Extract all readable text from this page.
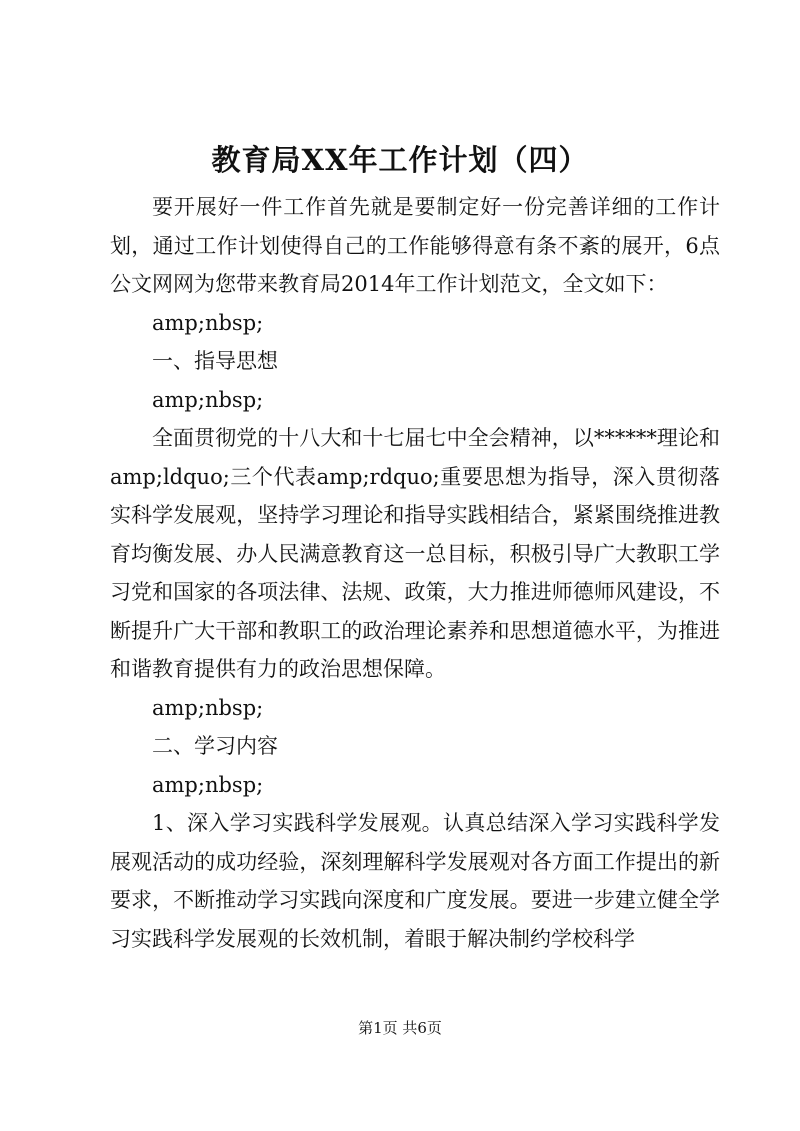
教育局XX年工作计划（四）

要开展好一件工作首先就是要制定好一份完善详细的工作计划，通过工作计划使得自己的工作能够得意有条不紊的展开，6点公文网网为您带来教育局2014年工作计划范文，全文如下：

amp;nbsp;

一、指导思想

amp;nbsp;

全面贯彻党的十八大和十七届七中全会精神，以******理论和amp;ldquo;三个代表amp;rdquo;重要思想为指导，深入贯彻落实科学发展观，坚持学习理论和指导实践相结合，紧紧围绕推进教育均衡发展、办人民满意教育这一总目标，积极引导广大教职工学习党和国家的各项法律、法规、政策，大力推进师德师风建设，不断提升广大干部和教职工的政治理论素养和思想道德水平，为推进和谐教育提供有力的政治思想保障。

amp;nbsp;

二、学习内容

amp;nbsp;

1、深入学习实践科学发展观。认真总结深入学习实践科学发展观活动的成功经验，深刻理解科学发展观对各方面工作提出的新要求，不断推动学习实践向深度和广度发展。要进一步建立健全学习实践科学发展观的长效机制，着眼于解决制约学校科学

第1页 共6页
